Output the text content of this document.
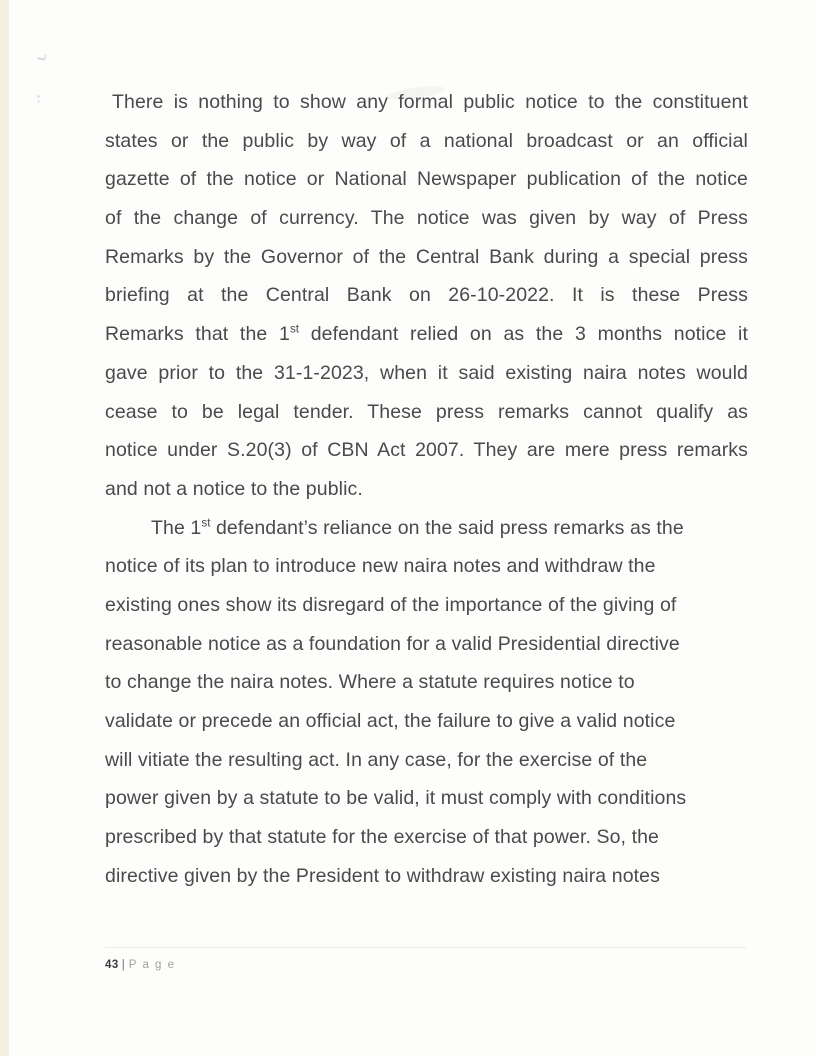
There is nothing to show any formal public notice to the constituent
states or the public by way of a national broadcast or an official
gazette of the notice or National Newspaper publication of the notice
of the change of currency. The notice was given by way of Press
Remarks by the Governor of the Central Bank during a special press
briefing at the Central Bank on 26-10-2022. It is these Press
Remarks that the 1st defendant relied on as the 3 months notice it
gave prior to the 31-1-2023, when it said existing naira notes would
cease to be legal tender. These press remarks cannot qualify as
notice under S.20(3) of CBN Act 2007. They are mere press remarks
and not a notice to the public.
The 1st defendant’s reliance on the said press remarks as the
notice of its plan to introduce new naira notes and withdraw the
existing ones show its disregard of the importance of the giving of
reasonable notice as a foundation for a valid Presidential directive
to change the naira notes. Where a statute requires notice to
validate or precede an official act, the failure to give a valid notice
will vitiate the resulting act. In any case, for the exercise of the
power given by a statute to be valid, it must comply with conditions
prescribed by that statute for the exercise of that power. So, the
directive given by the President to withdraw existing naira notes
43 | P a g e
